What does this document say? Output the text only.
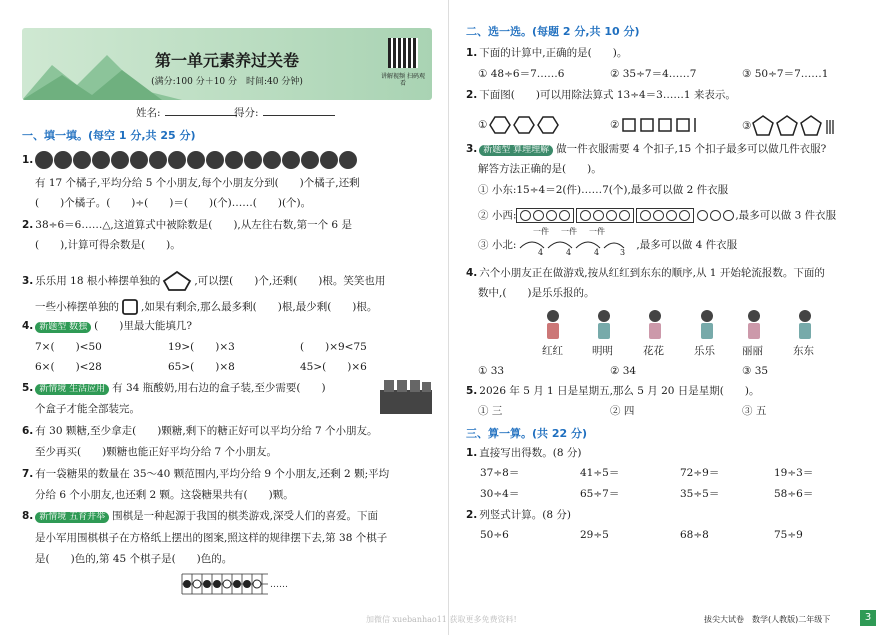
第一单元素养过关卷
(满分:100 分＋10 分　时间:40 分钟)
讲解视频 扫码观看
姓名:	得分:
一、填一填。(每空 1 分,共 25 分)
1.
有 17 个橘子,平均分给 5 个小朋友,每个小朋友分到(　　)个橘子,还剩
(　　)个橘子。(　　)÷(　　)＝(　　)(个)……(　　)(个)。
2. 38÷6＝6……△,这道算式中被除数是(　　),从左往右数,第一个 6 是
(　　),计算可得余数是(　　)。
3. 乐乐用 18 根小棒摆单独的	,可以摆(　　)个,还剩(　　)根。笑笑也用
一些小棒摆单独的 ,如果有剩余,那么最多剩(　　)根,最少剩(　　)根。
4. 新题型 数独 (　　)里最大能填几?
7×(　　)<50	19>(　　)×3	(　　)×9<75
6×(　　)<28	65>(　　)×8	45>(　　)×6
5. 新情境 生活应用 有 34 瓶酸奶,用右边的盒子装,至少需要(　　)
个盒子才能全部装完。
6. 有 30 颗糖,至少拿走(　　)颗糖,剩下的糖正好可以平均分给 7 个小朋友。
至少再买(　　)颗糖也能正好平均分给 7 个小朋友。
7. 有一袋糖果的数量在 35～40 颗范围内,平均分给 9 个小朋友,还剩 2 颗;平均
分给 6 个小朋友,也还剩 2 颗。这袋糖果共有(　　)颗。
8. 新情境 五育并举 围棋是一种起源于我国的棋类游戏,深受人们的喜爱。下面
是小军用围棋棋子在方格纸上摆出的图案,照这样的规律摆下去,第 38 个棋子
是(　　)色的,第 45 个棋子是(　　)色的。
……
二、选一选。(每题 2 分,共 10 分)
1. 下面的计算中,正确的是(　　)。
① 48÷6＝7……6	② 35÷7＝4……7	③ 50÷7＝7……1
2. 下面图(　　)可以用除法算式 13÷4＝3……1 来表示。
①	②	③
3. 新题型 算理理解 做一件衣服需要 4 个扣子,15 个扣子最多可以做几件衣服?
解答方法正确的是(　　)。
① 小东:15÷4＝2(件)……7(个),最多可以做 2 件衣服
② 小西:	,最多可以做 3 件衣服
③ 小北:	,最多可以做 4 件衣服
一件 一件 一件
4	4	4	3
4. 六个小朋友正在做游戏,按从红红到东东的顺序,从 1 开始轮流报数。下面的
数中,(　　)是乐乐报的。
红红	明明	花花	乐乐	丽丽	东东
① 33	② 34	③ 35
5. 2026 年 5 月 1 日是星期五,那么 5 月 20 日是星期(　　)。
① 三	② 四	③ 五
三、算一算。(共 22 分)
1. 直接写出得数。(8 分)
37÷8＝	41÷5＝	72÷9＝	19÷3＝
30÷4＝	65÷7＝	35÷5＝	58÷6＝
2. 列竖式计算。(8 分)
50÷6	29÷5	68÷8	75÷9
加微信 xuebanhao11 获取更多免费资料!	拔尖大试卷　数学(人教版)二年级下	3
